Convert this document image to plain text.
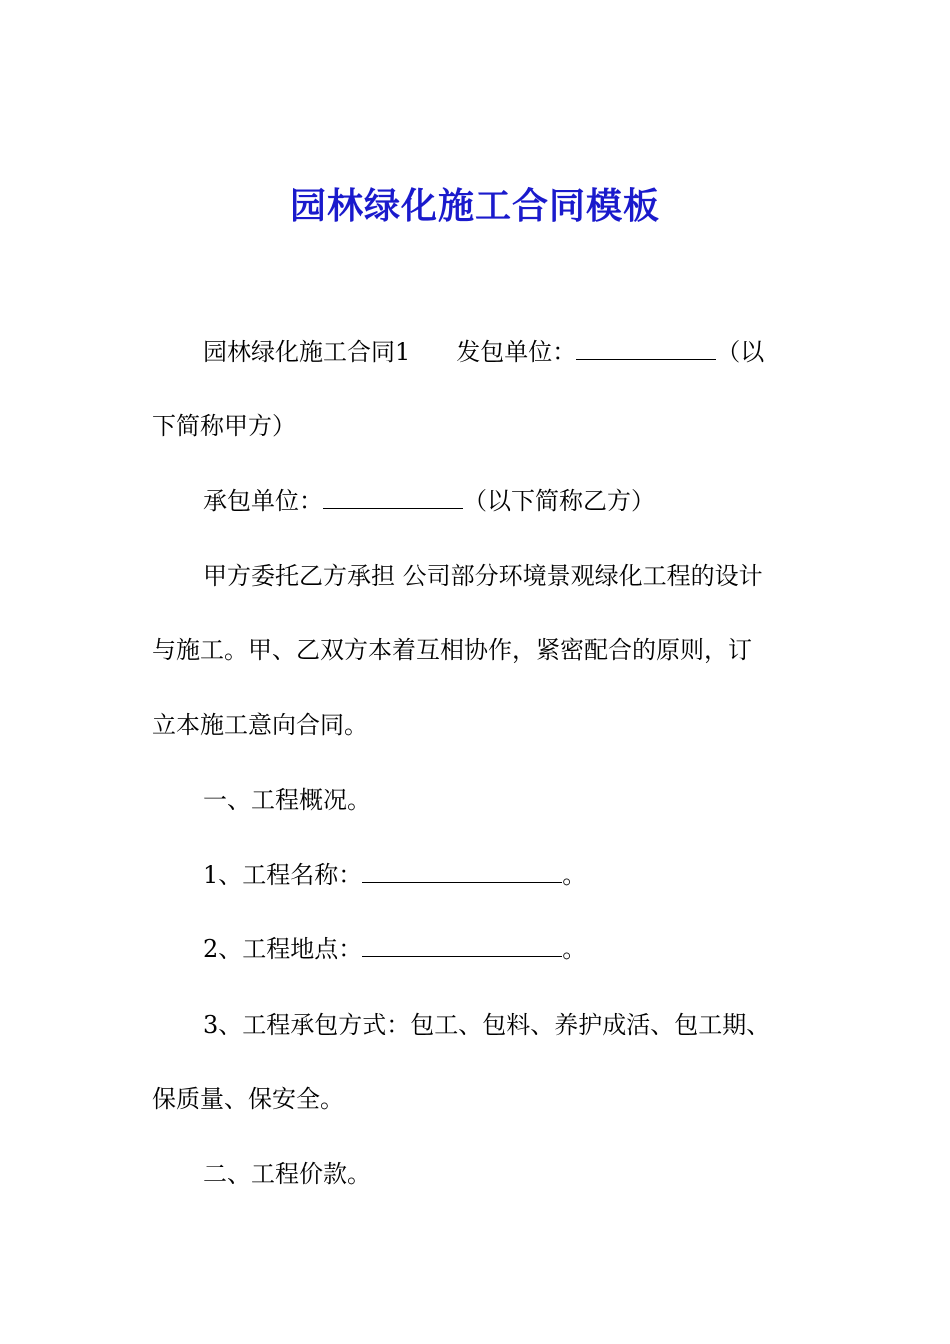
园林绿化施工合同模板
园林绿化施工合同1 发包单位：	（以
下简称甲方）
承包单位：	（以下简称乙方）
甲方委托乙方承担 公司部分环境景观绿化工程的设计
与施工。甲、乙双方本着互相协作，紧密配合的原则，订
立本施工意向合同。
一、工程概况。
1、工程名称：	。
2、工程地点：	。
3、工程承包方式：包工、包料、养护成活、包工期、
保质量、保安全。
二、工程价款。
